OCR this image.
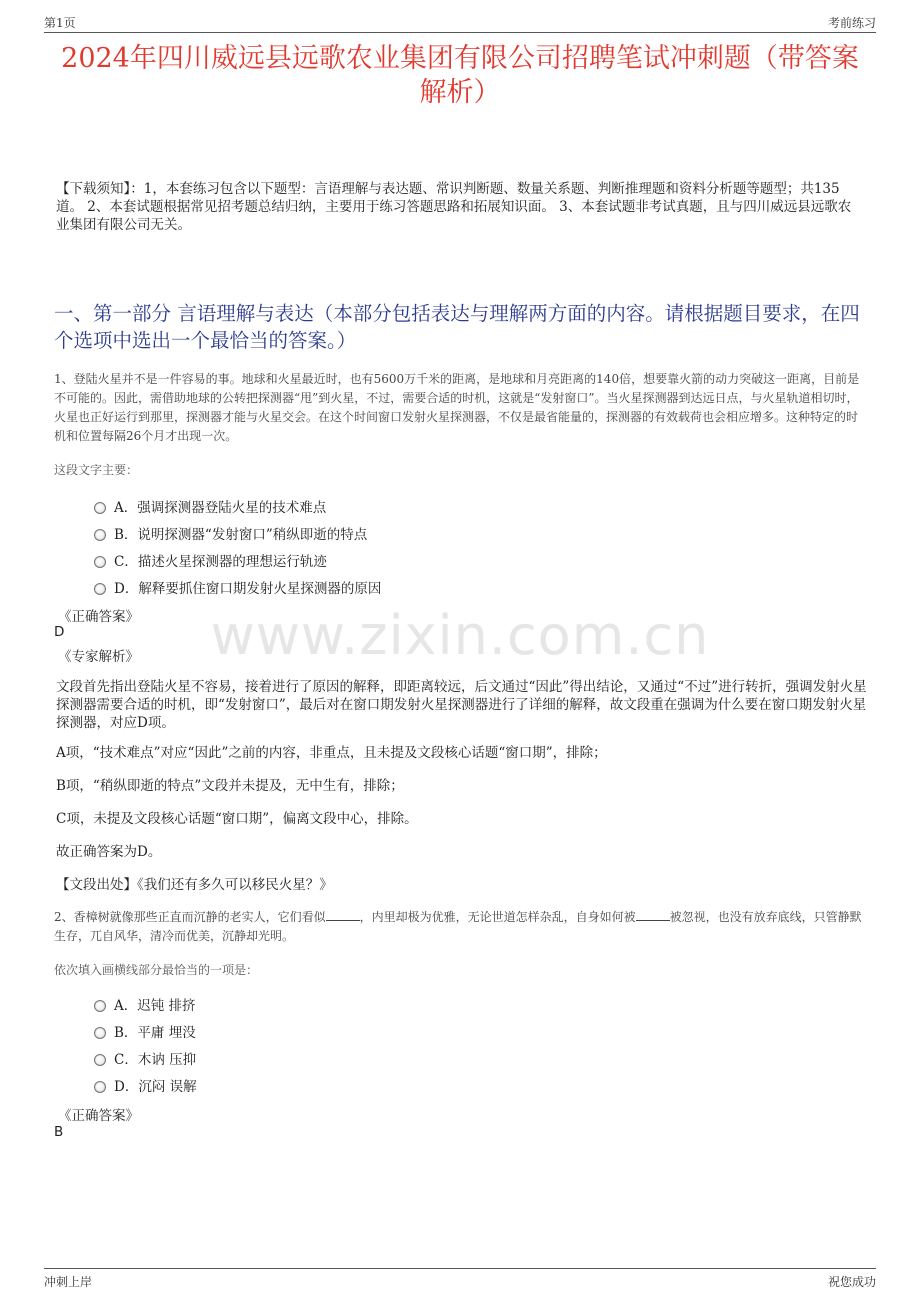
第1页	考前练习
2024年四川威远县远歌农业集团有限公司招聘笔试冲刺题（带答案解析）
【下载须知】：1，本套练习包含以下题型：言语理解与表达题、常识判断题、数量关系题、判断推理题和资料分析题等题型；共135道。 2、本套试题根据常见招考题总结归纳，主要用于练习答题思路和拓展知识面。 3、本套试题非考试真题，且与四川威远县远歌农业集团有限公司无关。
一、第一部分 言语理解与表达（本部分包括表达与理解两方面的内容。请根据题目要求，在四个选项中选出一个最恰当的答案。）
1、登陆火星并不是一件容易的事。地球和火星最近时，也有5600万千米的距离，是地球和月亮距离的140倍，想要靠火箭的动力突破这一距离，目前是不可能的。因此，需借助地球的公转把探测器“甩”到火星，不过，需要合适的时机，这就是“发射窗口”。当火星探测器到达远日点，与火星轨道相切时，火星也正好运行到那里，探测器才能与火星交会。在这个时间窗口发射火星探测器，不仅是最省能量的，探测器的有效载荷也会相应增多。这种特定的时机和位置每隔26个月才出现一次。
这段文字主要：
A．强调探测器登陆火星的技术难点
B．说明探测器“发射窗口”稍纵即逝的特点
C．描述火星探测器的理想运行轨迹
D．解释要抓住窗口期发射火星探测器的原因
《正确答案》
D
《专家解析》
文段首先指出登陆火星不容易，接着进行了原因的解释，即距离较远，后文通过“因此”得出结论，又通过“不过”进行转折，强调发射火星探测器需要合适的时机，即“发射窗口”，最后对在窗口期发射火星探测器进行了详细的解释，故文段重在强调为什么要在窗口期发射火星探测器，对应D项。
A项，“技术难点”对应“因此”之前的内容，非重点，且未提及文段核心话题“窗口期”，排除；
B项，“稍纵即逝的特点”文段并未提及，无中生有，排除；
C项，未提及文段核心话题“窗口期”，偏离文段中心，排除。
故正确答案为D。
【文段出处】《我们还有多久可以移民火星？》
2、香樟树就像那些正直而沉静的老实人，它们看似	，内里却极为优雅，无论世道怎样杂乱，自身如何被	被忽视，也没有放弃底线，只管静默生存，兀自风华，清冷而优美，沉静却光明。
依次填入画横线部分最恰当的一项是：
A．迟钝 排挤
B．平庸 埋没
C．木讷 压抑
D．沉闷 误解
《正确答案》
B
www.zixin.com.cn
冲刺上岸	祝您成功
